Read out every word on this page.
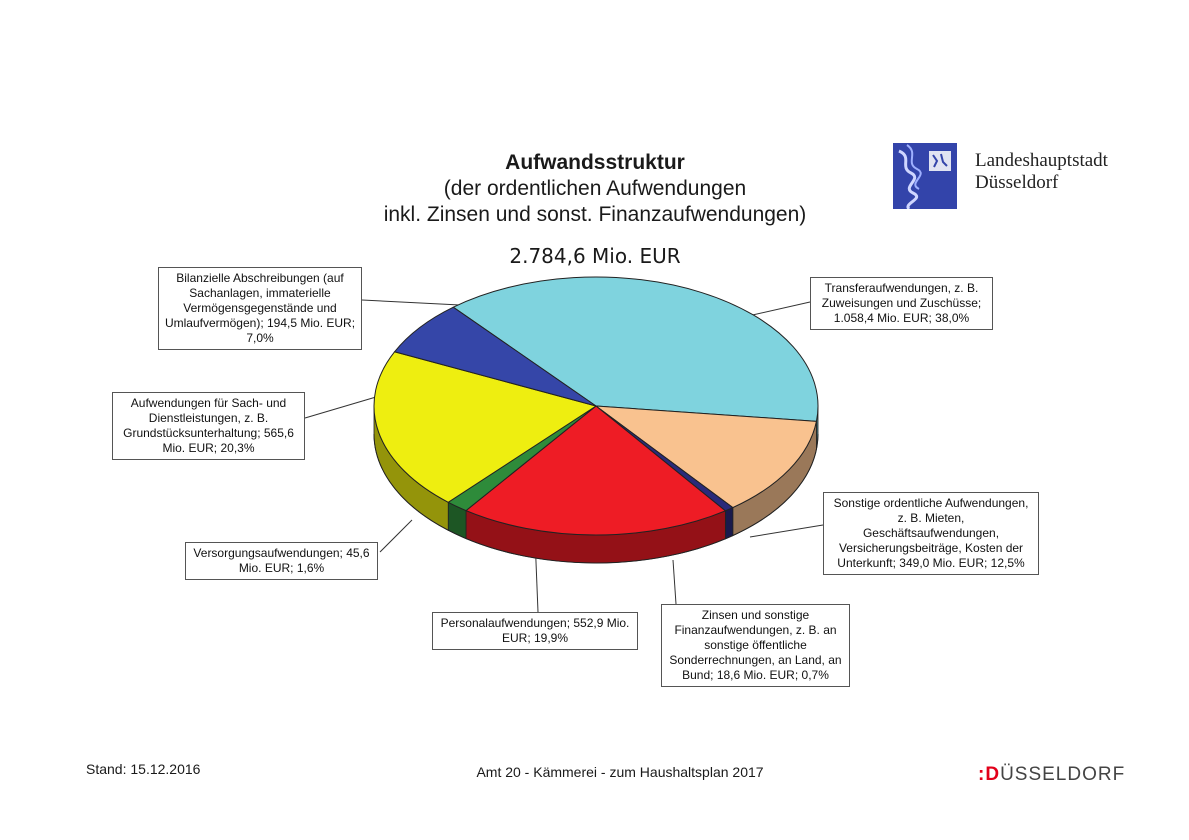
Aufwandsstruktur
(der ordentlichen Aufwendungen
inkl. Zinsen und sonst. Finanzaufwendungen)
2.784,6 Mio. EUR
Landeshauptstadt
Düsseldorf
Transferaufwendungen, z. B.
Zuweisungen und Zuschüsse;
1.058,4 Mio. EUR; 38,0%
Sonstige ordentliche Aufwendungen,
z. B. Mieten,
Geschäftsaufwendungen,
Versicherungsbeiträge, Kosten der
Unterkunft; 349,0 Mio. EUR; 12,5%
Zinsen und sonstige
Finanzaufwendungen, z. B. an
sonstige öffentliche
Sonderrechnungen, an Land, an
Bund; 18,6 Mio. EUR; 0,7%
Personalaufwendungen; 552,9 Mio.
EUR; 19,9%
Versorgungsaufwendungen; 45,6
Mio. EUR; 1,6%
Aufwendungen für Sach- und
Dienstleistungen, z. B.
Grundstücksunterhaltung; 565,6
Mio. EUR; 20,3%
Bilanzielle Abschreibungen (auf
Sachanlagen, immaterielle
Vermögensgegenstände und
Umlaufvermögen); 194,5 Mio. EUR;
7,0%
Stand: 15.12.2016	Amt 20 - Kämmerei - zum Haushaltsplan 2017	:DÜSSELDORF
